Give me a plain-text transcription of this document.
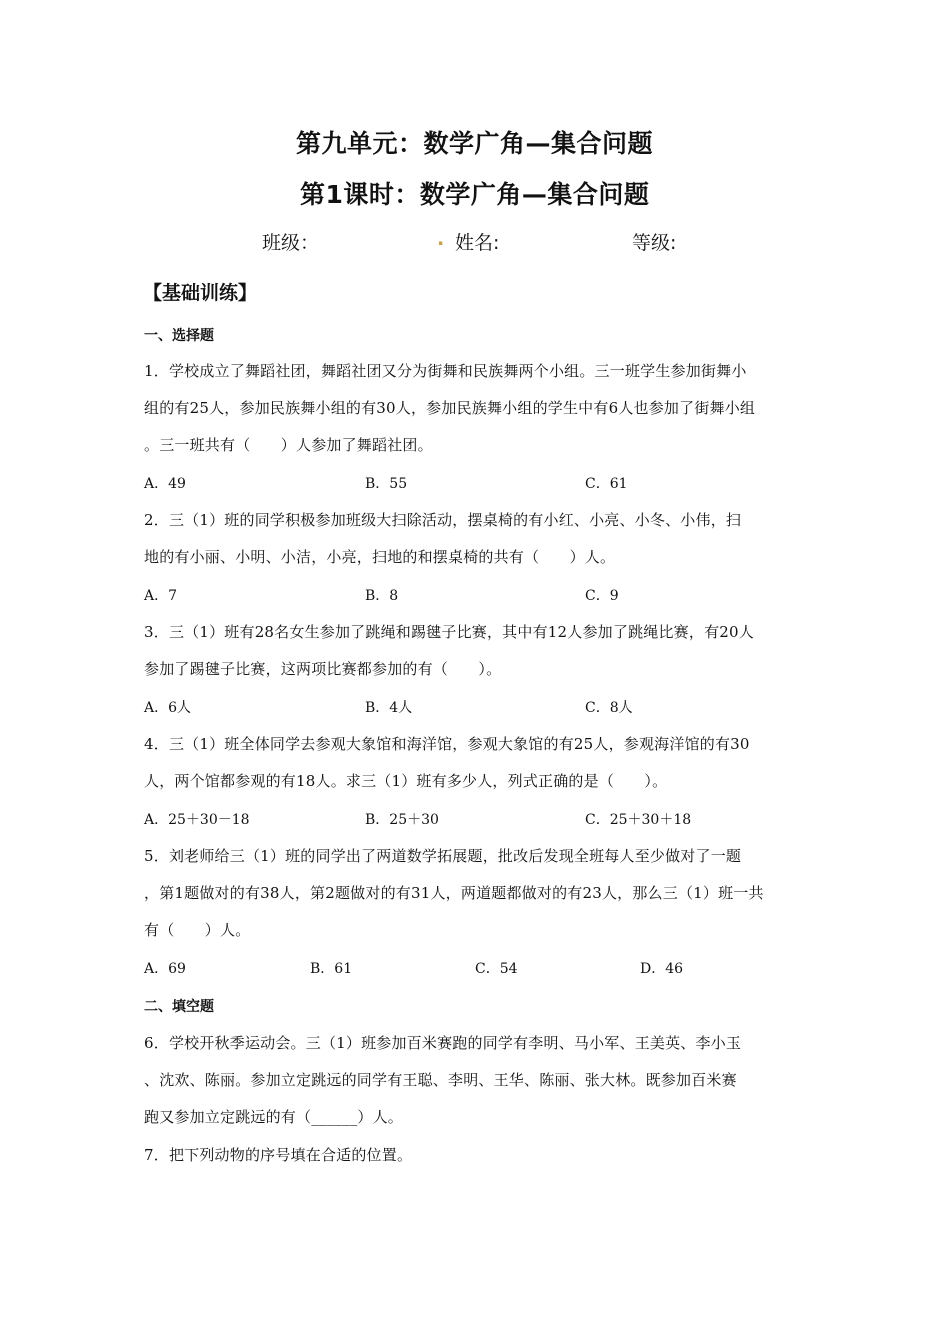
第九单元：数学广角—集合问题
第1课时：数学广角—集合问题
班级：	. 姓名:	等级:
【基础训练】
一、选择题
1．学校成立了舞蹈社团，舞蹈社团又分为街舞和民族舞两个小组。三一班学生参加街舞小
组的有25人，参加民族舞小组的有30人，参加民族舞小组的学生中有6人也参加了街舞小组
。三一班共有（　　）人参加了舞蹈社团。
A．49	B．55	C．61
2．三（1）班的同学积极参加班级大扫除活动，摆桌椅的有小红、小亮、小冬、小伟，扫
地的有小丽、小明、小洁，小亮，扫地的和摆桌椅的共有（　　）人。
A．7	B．8	C．9
3．三（1）班有28名女生参加了跳绳和踢毽子比赛，其中有12人参加了跳绳比赛，有20人
参加了踢毽子比赛，这两项比赛都参加的有（　　）。
A．6人	B．4人	C．8人
4．三（1）班全体同学去参观大象馆和海洋馆，参观大象馆的有25人，参观海洋馆的有30
人，两个馆都参观的有18人。求三（1）班有多少人，列式正确的是（　　）。
A．25＋30－18	B．25＋30	C．25＋30＋18
5．刘老师给三（1）班的同学出了两道数学拓展题，批改后发现全班每人至少做对了一题
，第1题做对的有38人，第2题做对的有31人，两道题都做对的有23人，那么三（1）班一共
有（　　）人。
A．69	B．61	C．54	D．46
二、填空题
6．学校开秋季运动会。三（1）班参加百米赛跑的同学有李明、马小军、王美英、李小玉
、沈欢、陈丽。参加立定跳远的同学有王聪、李明、王华、陈丽、张大林。既参加百米赛
跑又参加立定跳远的有（______）人。
7．把下列动物的序号填在合适的位置。
